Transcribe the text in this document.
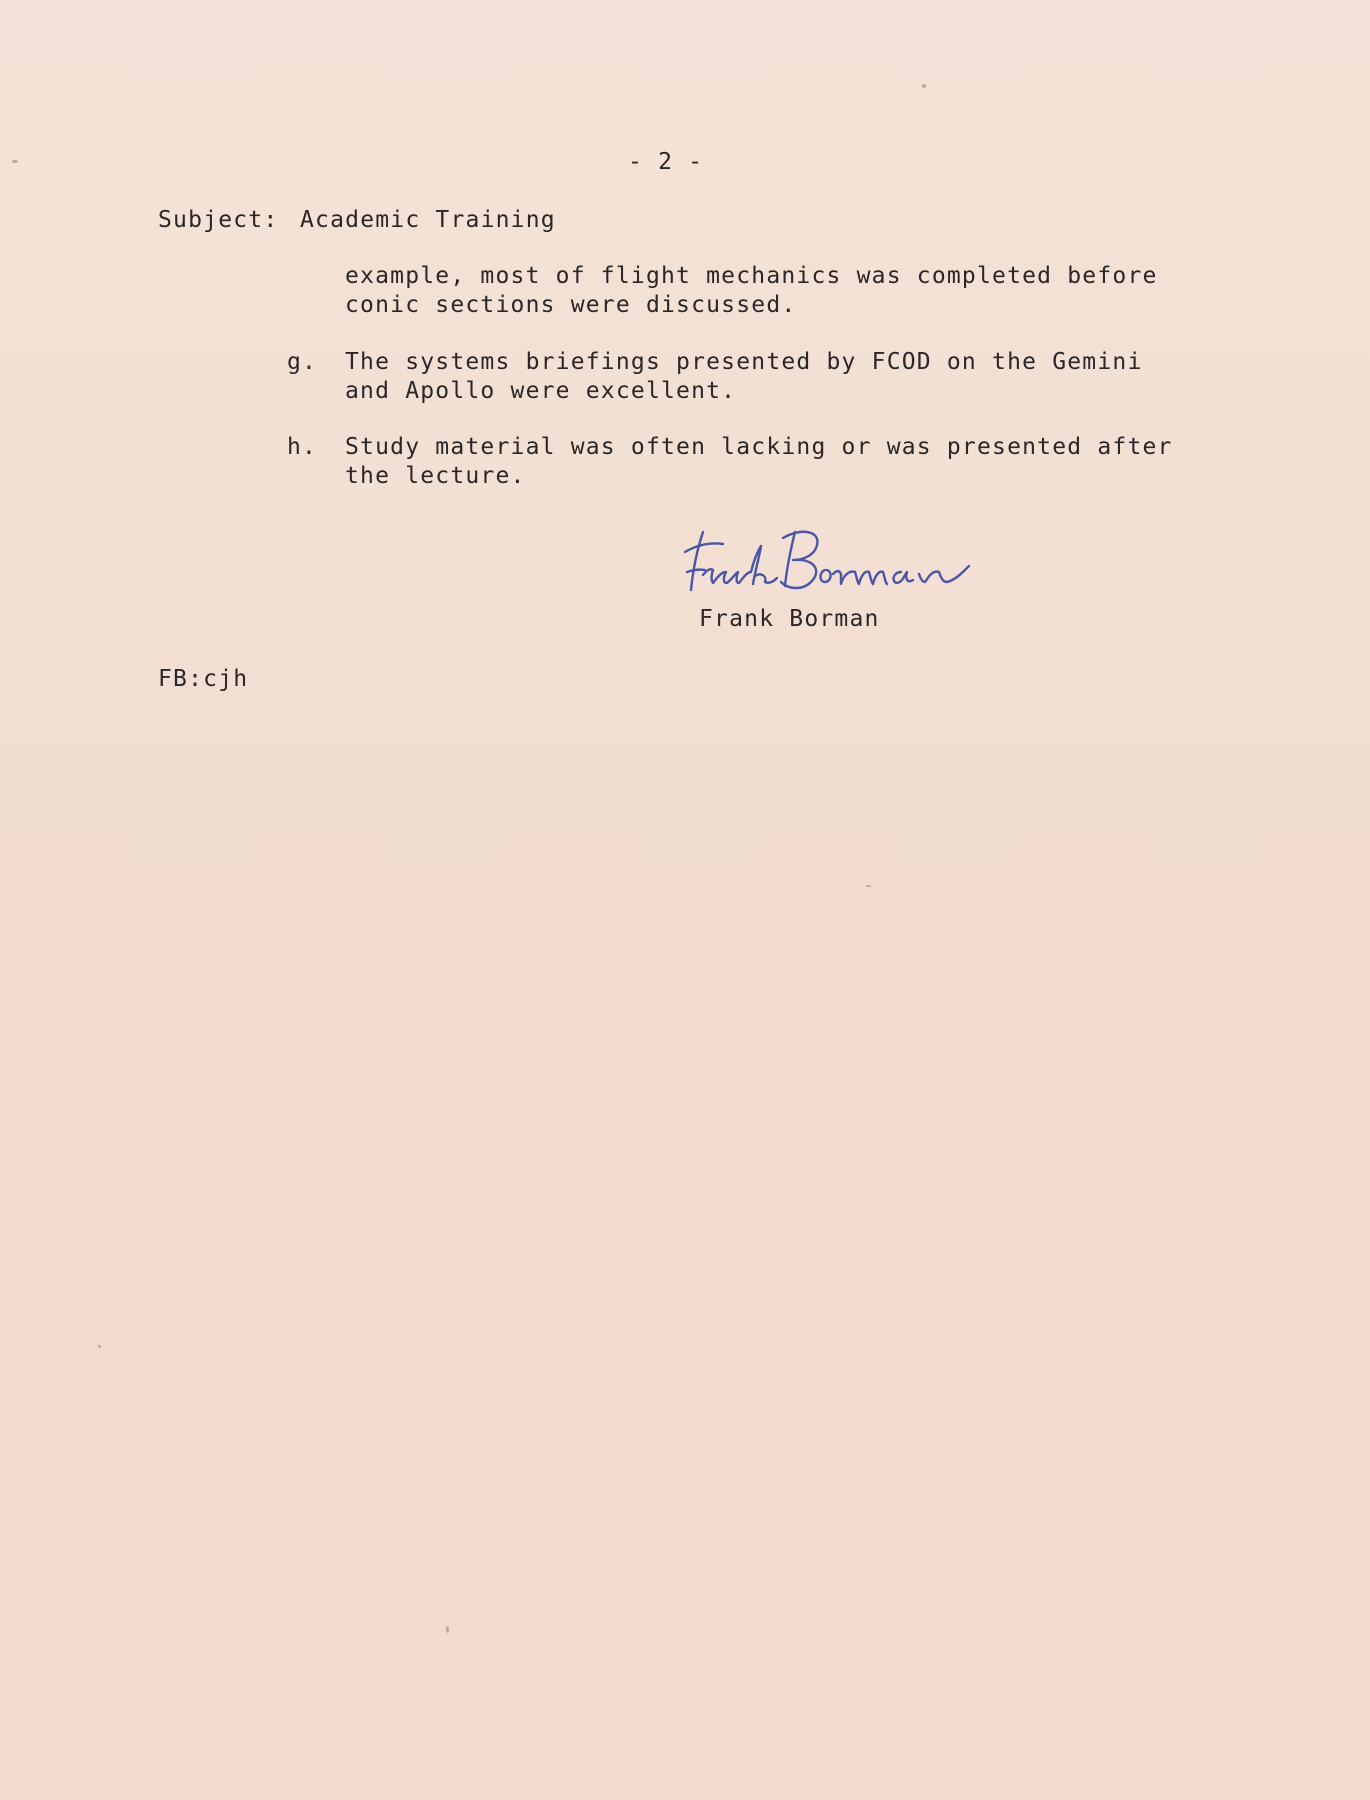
- 2 -
Subject: Academic Training
example, most of flight mechanics was completed before
conic sections were discussed.
g. The systems briefings presented by FCOD on the Gemini
and Apollo were excellent.
h. Study material was often lacking or was presented after
the lecture.
Frank Borman
FB:cjh
